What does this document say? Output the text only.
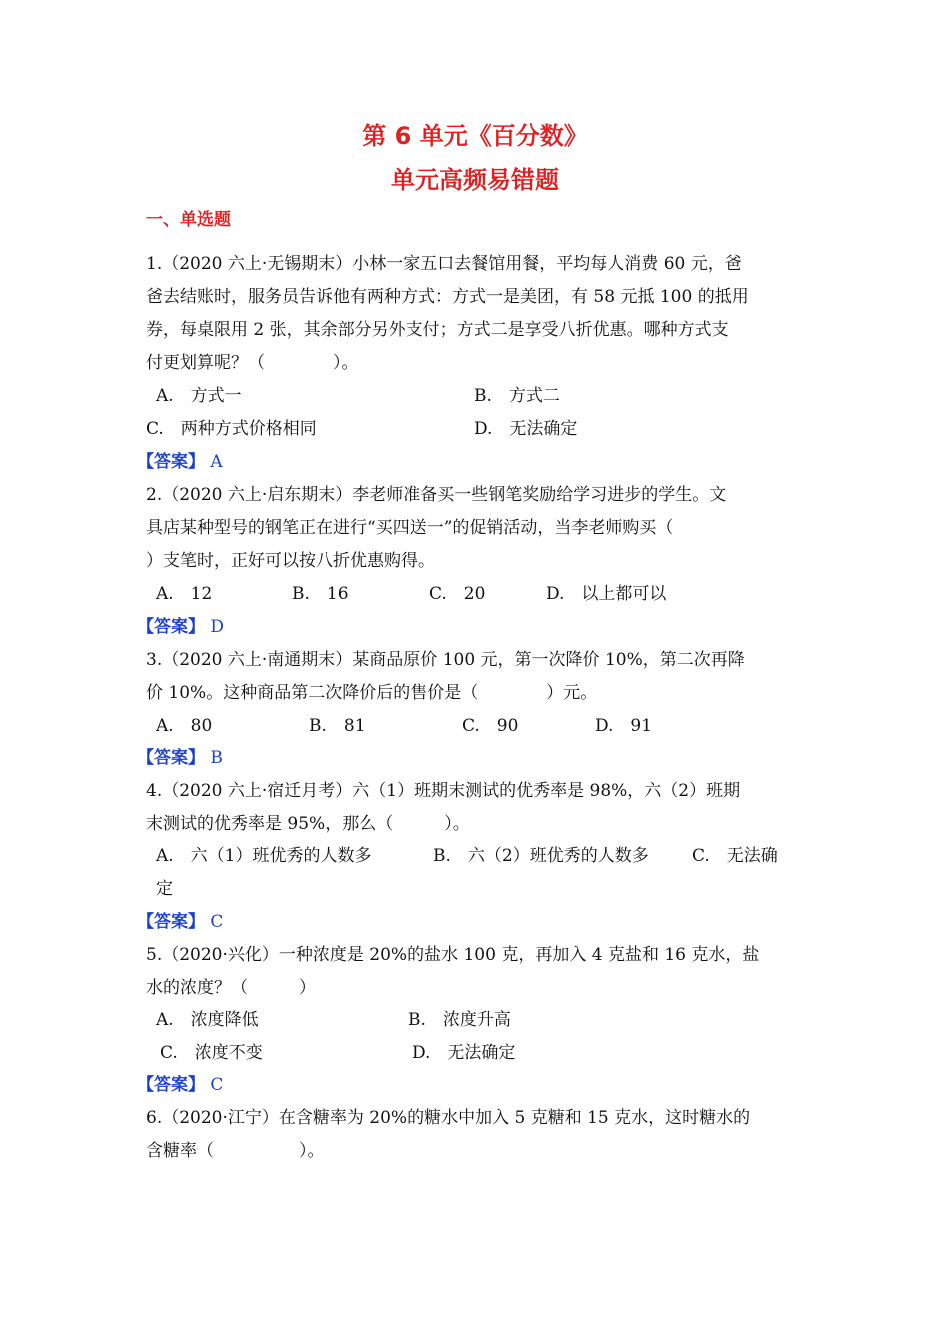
第 6 单元《百分数》
单元高频易错题
一、单选题
1.（2020 六上·无锡期末）小林一家五口去餐馆用餐，平均每人消费 60 元，爸
爸去结账时，服务员告诉他有两种方式：方式一是美团，有 58 元抵 100 的抵用
券，每桌限用 2 张，其余部分另外支付；方式二是享受八折优惠。哪种方式支
付更划算呢？（　　　　）。
A.　方式一	B.　方式二
C.　两种方式价格相同	D.　无法确定
【答案】 A
2.（2020 六上·启东期末）李老师准备买一些钢笔奖励给学习进步的学生。文
具店某种型号的钢笔正在进行“买四送一”的促销活动，当李老师购买（
）支笔时，正好可以按八折优惠购得。
A.　12	B.　16	C.　20	D.　以上都可以
【答案】 D
3.（2020 六上·南通期末）某商品原价 100 元，第一次降价 10%，第二次再降
价 10%。这种商品第二次降价后的售价是（　　　　）元。
A.　80	B.　81	C.　90	D.　91
【答案】 B
4.（2020 六上·宿迁月考）六（1）班期末测试的优秀率是 98%，六（2）班期
末测试的优秀率是 95%，那么（　　　）。
A.　六（1）班优秀的人数多	B.　六（2）班优秀的人数多	C.　无法确
定
【答案】 C
5.（2020·兴化）一种浓度是 20%的盐水 100 克，再加入 4 克盐和 16 克水，盐
水的浓度？（　　　）
A.　浓度降低	B.　浓度升高
C.　浓度不变	D.　无法确定
【答案】 C
6.（2020·江宁）在含糖率为 20%的糖水中加入 5 克糖和 15 克水，这时糖水的
含糖率（　　　　　）。
